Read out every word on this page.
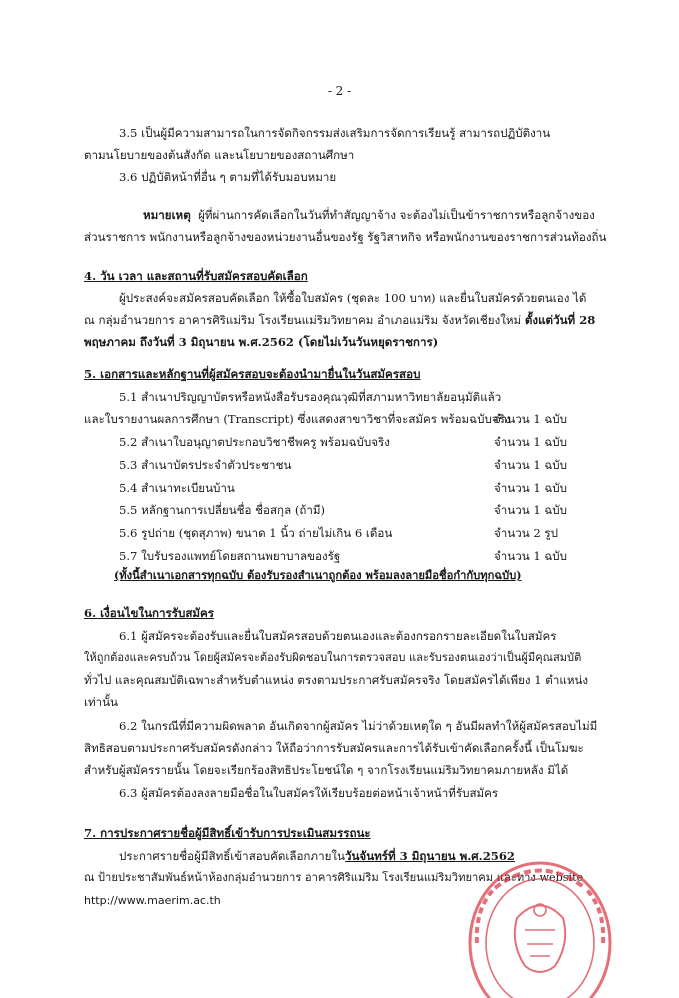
- 2 -
3.5 เป็นผู้มีความสามารถในการจัดกิจกรรมส่งเสริมการจัดการเรียนรู้ สามารถปฏิบัติงาน
ตามนโยบายของต้นสังกัด และนโยบายของสถานศึกษา
3.6 ปฏิบัติหน้าที่อื่น ๆ ตามที่ได้รับมอบหมาย
หมายเหตุ ผู้ที่ผ่านการคัดเลือกในวันที่ทำสัญญาจ้าง จะต้องไม่เป็นข้าราชการหรือลูกจ้างของ
ส่วนราชการ พนักงานหรือลูกจ้างของหน่วยงานอื่นของรัฐ รัฐวิสาหกิจ หรือพนักงานของราชการส่วนท้องถิ่น
4. วัน เวลา และสถานที่รับสมัครสอบคัดเลือก
ผู้ประสงค์จะสมัครสอบคัดเลือก ให้ซื้อใบสมัคร (ชุดละ 100 บาท) และยื่นใบสมัครด้วยตนเอง ได้
ณ กลุ่มอำนวยการ อาคารศิริแม่ริม โรงเรียนแม่ริมวิทยาคม อำเภอแม่ริม จังหวัดเชียงใหม่ ตั้งแต่วันที่ 28
พฤษภาคม ถึงวันที่ 3 มิถุนายน พ.ศ.2562 (โดยไม่เว้นวันหยุดราชการ)
5. เอกสารและหลักฐานที่ผู้สมัครสอบจะต้องนำมายื่นในวันสมัครสอบ
5.1 สำเนาปริญญาบัตรหรือหนังสือรับรองคุณวุฒิที่สภามหาวิทยาลัยอนุมัติแล้ว
และใบรายงานผลการศึกษา (Transcript) ซึ่งแสดงสาขาวิชาที่จะสมัคร พร้อมฉบับจริง
จำนวน 1 ฉบับ
5.2 สำเนาใบอนุญาตประกอบวิชาชีพครู พร้อมฉบับจริง	จำนวน 1 ฉบับ
5.3 สำเนาบัตรประจำตัวประชาชน	จำนวน 1 ฉบับ
5.4 สำเนาทะเบียนบ้าน	จำนวน 1 ฉบับ
5.5 หลักฐานการเปลี่ยนชื่อ ชื่อสกุล (ถ้ามี)	จำนวน 1 ฉบับ
5.6 รูปถ่าย (ชุดสุภาพ) ขนาด 1 นิ้ว ถ่ายไม่เกิน 6 เดือน	จำนวน 2 รูป
5.7 ใบรับรองแพทย์โดยสถานพยาบาลของรัฐ	จำนวน 1 ฉบับ
(ทั้งนี้สำเนาเอกสารทุกฉบับ ต้องรับรองสำเนาถูกต้อง พร้อมลงลายมือชื่อกำกับทุกฉบับ)
6. เงื่อนไขในการรับสมัคร
6.1 ผู้สมัครจะต้องรับและยื่นใบสมัครสอบด้วยตนเองและต้องกรอกรายละเอียดในใบสมัคร
ให้ถูกต้องและครบถ้วน โดยผู้สมัครจะต้องรับผิดชอบในการตรวจสอบ และรับรองตนเองว่าเป็นผู้มีคุณสมบัติ
ทั่วไป และคุณสมบัติเฉพาะสำหรับตำแหน่ง ตรงตามประกาศรับสมัครจริง โดยสมัครได้เพียง 1 ตำแหน่ง
เท่านั้น
6.2 ในกรณีที่มีความผิดพลาด อันเกิดจากผู้สมัคร ไม่ว่าด้วยเหตุใด ๆ อันมีผลทำให้ผู้สมัครสอบไม่มี
สิทธิสอบตามประกาศรับสมัครดังกล่าว ให้ถือว่าการรับสมัครและการได้รับเข้าคัดเลือกครั้งนี้ เป็นโมฆะ
สำหรับผู้สมัครรายนั้น โดยจะเรียกร้องสิทธิประโยชน์ใด ๆ จากโรงเรียนแม่ริมวิทยาคมภายหลัง มิได้
6.3 ผู้สมัครต้องลงลายมือชื่อในใบสมัครให้เรียบร้อยต่อหน้าเจ้าหน้าที่รับสมัคร
7. การประกาศรายชื่อผู้มีสิทธิ์เข้ารับการประเมินสมรรถนะ
ประกาศรายชื่อผู้มีสิทธิ์เข้าสอบคัดเลือกภายในวันจันทร์ที่ 3 มิถุนายน พ.ศ.2562
ณ ป้ายประชาสัมพันธ์หน้าห้องกลุ่มอำนวยการ อาคารศิริแม่ริม โรงเรียนแม่ริมวิทยาคม และทาง website
http://www.maerim.ac.th
